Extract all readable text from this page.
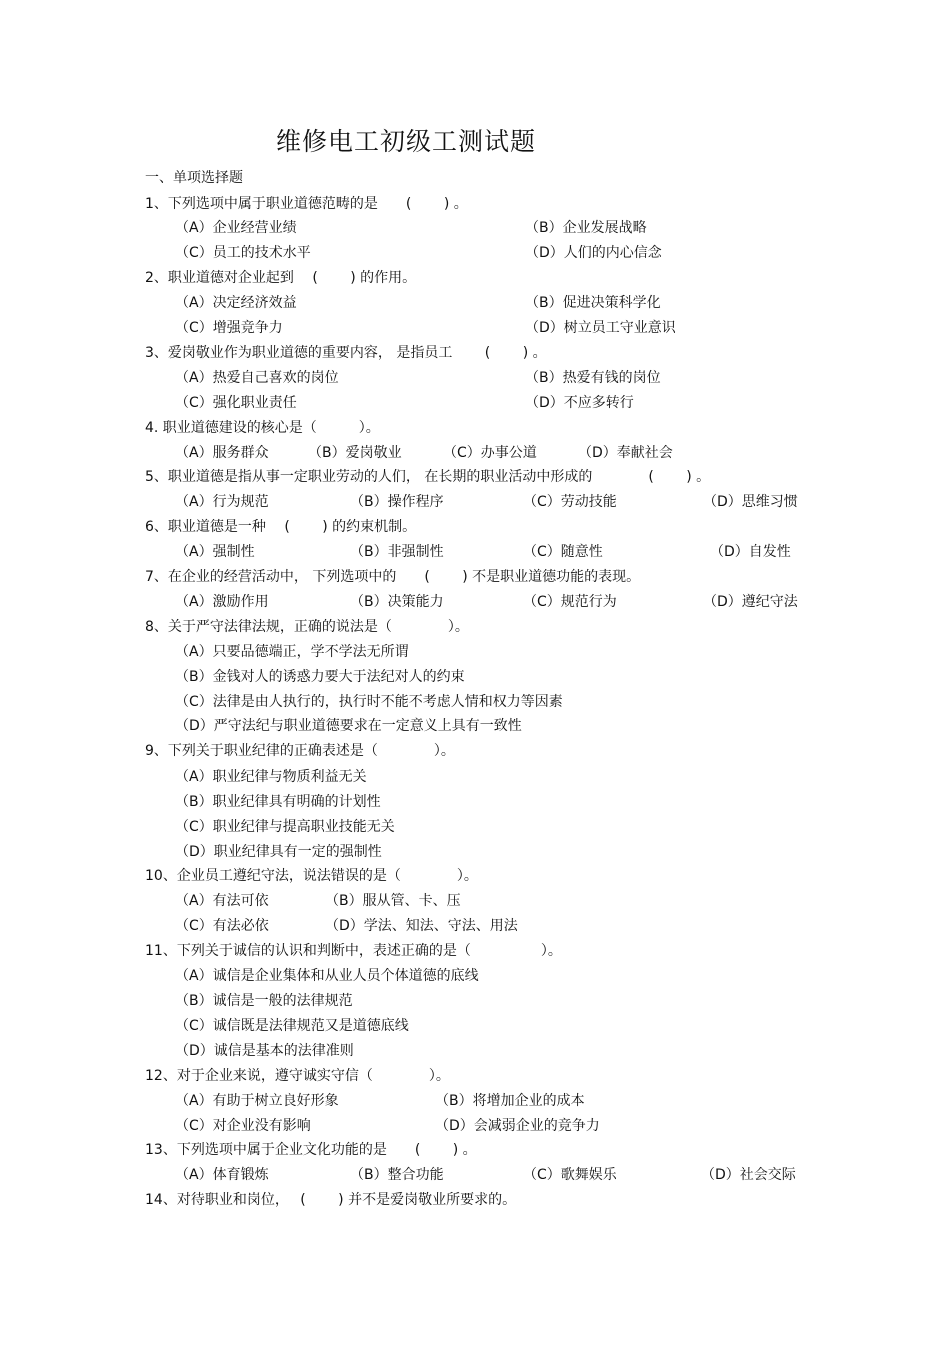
维修电工初级工测试题
一、单项选择题
1、下列选项中属于职业道德范畴的是　　(　　 ) 。
（A）企业经营业绩	（B）企业发展战略
（C）员工的技术水平	（D）人们的内心信念
2、职业道德对企业起到　 (　　 ) 的作用。
（A）决定经济效益	（B）促进决策科学化
（C）增强竞争力	（D）树立员工守业意识
3、爱岗敬业作为职业道德的重要内容， 是指员工　　 (　　 ) 。
（A）热爱自己喜欢的岗位	（B）热爱有钱的岗位
（C）强化职业责任	（D）不应多转行
4. 职业道德建设的核心是（　　　）。
（A）服务群众	（B）爱岗敬业	（C）办事公道	（D）奉献社会
5、职业道德是指从事一定职业劳动的人们， 在长期的职业活动中形成的　　　　(　　 ) 。
（A）行为规范	（B）操作程序	（C）劳动技能	（D）思维习惯
6、职业道德是一种　 (　　 ) 的约束机制。
（A）强制性	（B）非强制性	（C）随意性	（D）自发性
7、在企业的经营活动中， 下列选项中的　　(　　 ) 不是职业道德功能的表现。
（A）激励作用	（B）决策能力	（C）规范行为	（D）遵纪守法
8、关于严守法律法规，正确的说法是（　　　　）。
（A）只要品德端正，学不学法无所谓
（B）金钱对人的诱惑力要大于法纪对人的约束
（C）法律是由人执行的，执行时不能不考虑人情和权力等因素
（D）严守法纪与职业道德要求在一定意义上具有一致性
9、下列关于职业纪律的正确表述是（　　　　）。
（A）职业纪律与物质利益无关
（B）职业纪律具有明确的计划性
（C）职业纪律与提高职业技能无关
（D）职业纪律具有一定的强制性
10、企业员工遵纪守法，说法错误的是（　　　　）。
（A）有法可依	（B）服从管、卡、压
（C）有法必依	（D）学法、知法、守法、用法
11、下列关于诚信的认识和判断中，表述正确的是（　　　　　）。
（A）诚信是企业集体和从业人员个体道德的底线
（B）诚信是一般的法律规范
（C）诚信既是法律规范又是道德底线
（D）诚信是基本的法律准则
12、对于企业来说，遵守诚实守信（　　　　）。
（A）有助于树立良好形象	（B）将增加企业的成本
（C）对企业没有影响	（D）会减弱企业的竞争力
13、下列选项中属于企业文化功能的是　　(　　 ) 。
（A）体育锻炼	（B）整合功能	（C）歌舞娱乐	（D）社会交际
14、对待职业和岗位，　 (　　 ) 并不是爱岗敬业所要求的。
